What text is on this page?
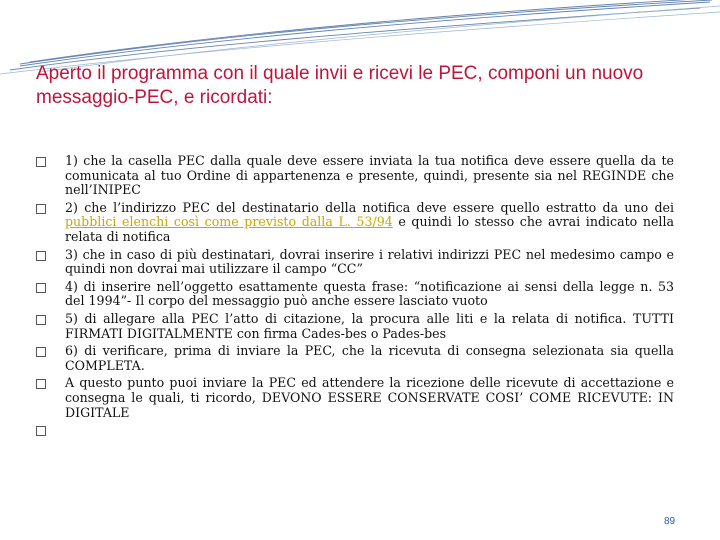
Aperto il programma con il quale invii e ricevi le PEC, componi un nuovo messaggio-PEC, e ricordati:
1) che la casella PEC dalla quale deve essere inviata la tua notifica deve essere quella da te comunicata al tuo Ordine di appartenenza e presente, quindi, presente sia nel REGINDE che nell’INIPEC
2) che l’indirizzo PEC del destinatario della notifica deve essere quello estratto da uno dei pubblici elenchi così come previsto dalla L. 53/94 e quindi lo stesso che avrai indicato nella relata di notifica
3) che in caso di più destinatari, dovrai inserire i relativi indirizzi PEC nel medesimo campo e quindi non dovrai mai utilizzare il campo “CC”
4) di inserire nell’oggetto esattamente questa frase: “notificazione ai sensi della legge n. 53 del 1994”- Il corpo del messaggio può anche essere lasciato vuoto
5) di allegare alla PEC l’atto di citazione, la procura alle liti e la relata di notifica. TUTTI FIRMATI DIGITALMENTE con firma Cades-bes o Pades-bes
6) di verificare, prima di inviare la PEC, che la ricevuta di consegna selezionata sia quella COMPLETA.
A questo punto puoi inviare la PEC ed attendere la ricezione delle ricevute di accettazione e consegna le quali, ti ricordo, DEVONO ESSERE CONSERVATE COSI’ COME RICEVUTE: IN DIGITALE
89
